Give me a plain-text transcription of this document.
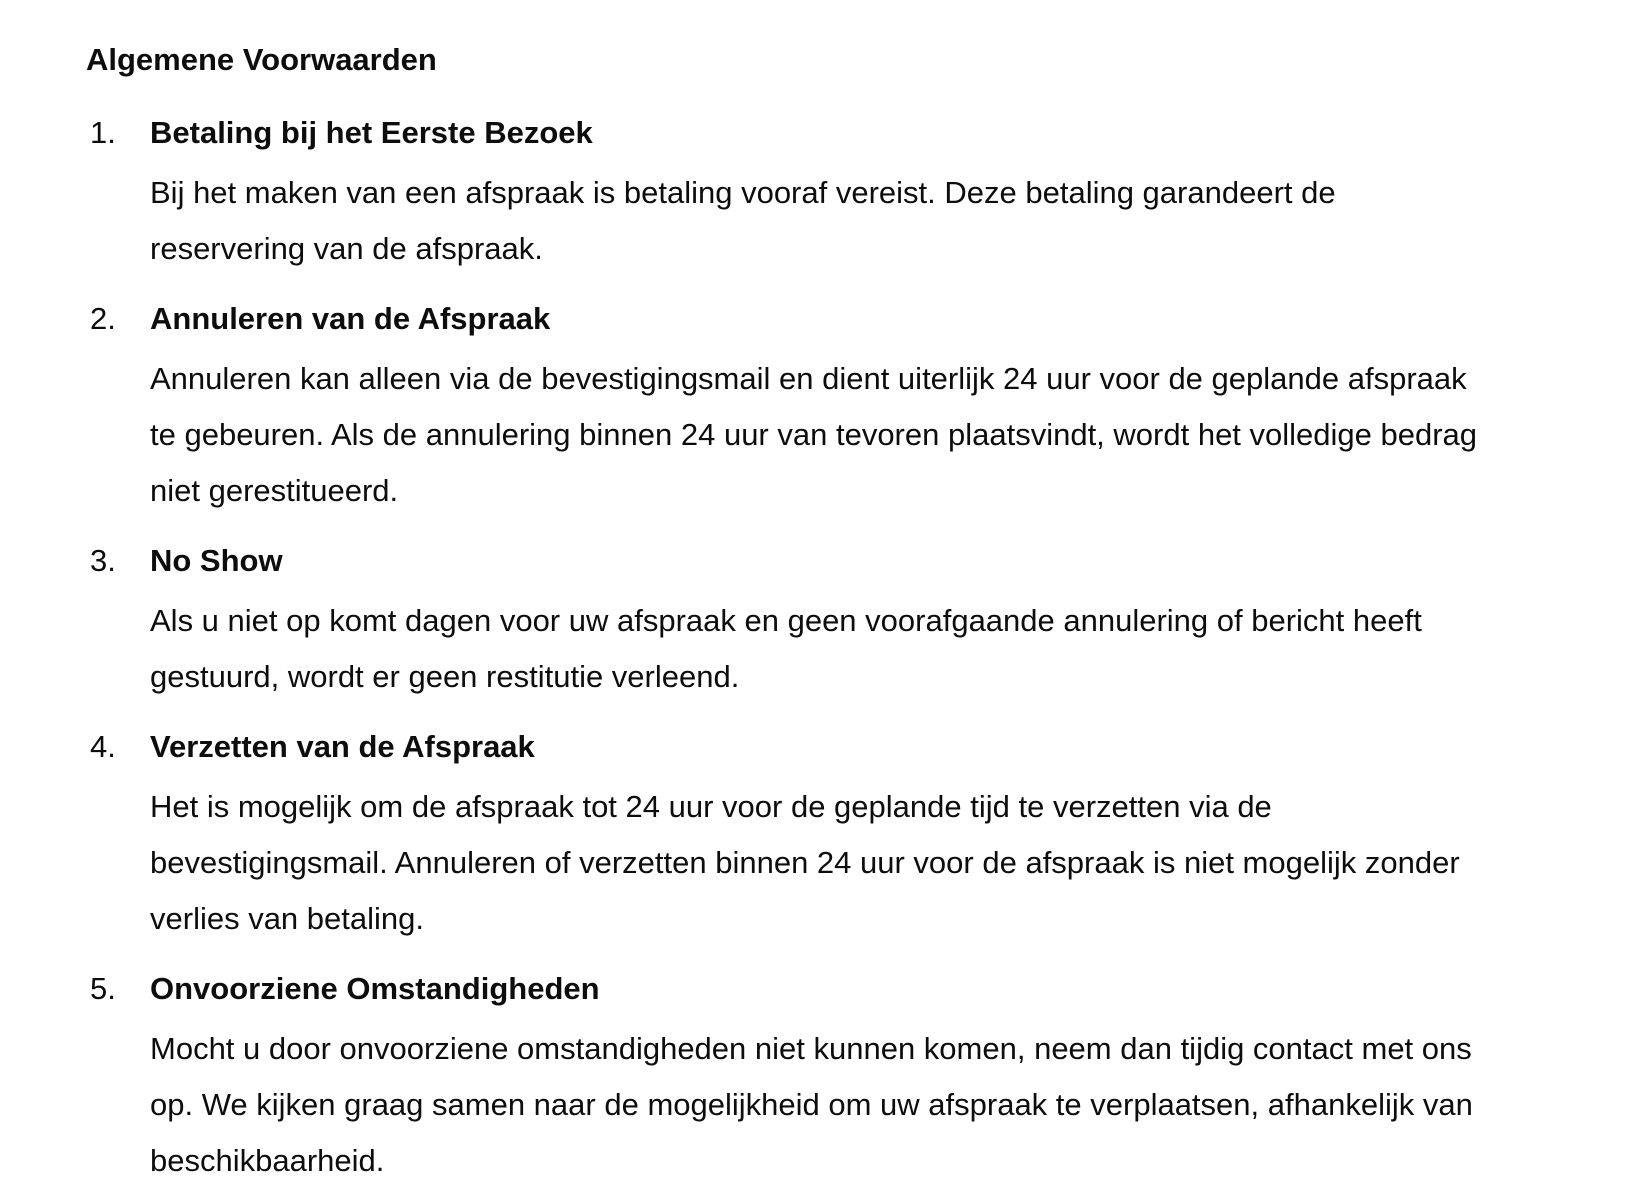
Algemene Voorwaarden
1. Betaling bij het Eerste Bezoek

Bij het maken van een afspraak is betaling vooraf vereist. Deze betaling garandeert de
reservering van de afspraak.

2. Annuleren van de Afspraak

Annuleren kan alleen via de bevestigingsmail en dient uiterlijk 24 uur voor de geplande afspraak
te gebeuren. Als de annulering binnen 24 uur van tevoren plaatsvindt, wordt het volledige bedrag
niet gerestitueerd.

3. No Show

Als u niet op komt dagen voor uw afspraak en geen voorafgaande annulering of bericht heeft
gestuurd, wordt er geen restitutie verleend.

4. Verzetten van de Afspraak

Het is mogelijk om de afspraak tot 24 uur voor de geplande tijd te verzetten via de
bevestigingsmail. Annuleren of verzetten binnen 24 uur voor de afspraak is niet mogelijk zonder
verlies van betaling.

5. Onvoorziene Omstandigheden

Mocht u door onvoorziene omstandigheden niet kunnen komen, neem dan tijdig contact met ons
op. We kijken graag samen naar de mogelijkheid om uw afspraak te verplaatsen, afhankelijk van
beschikbaarheid.
